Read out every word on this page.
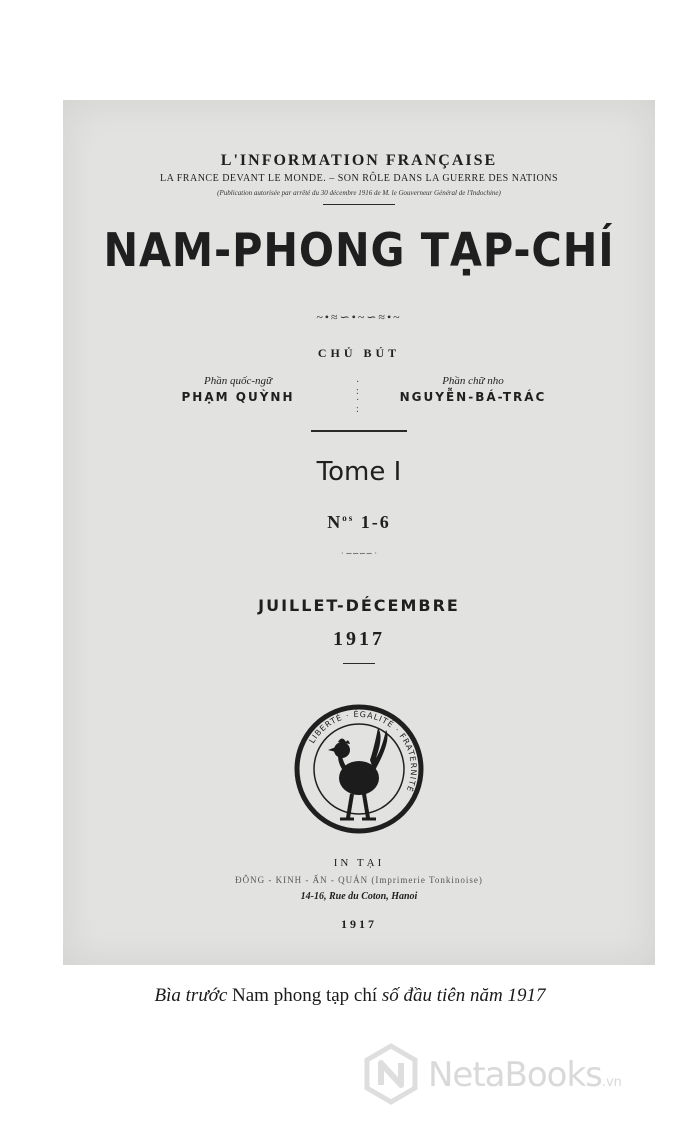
L'INFORMATION FRANÇAISE
LA FRANCE DEVANT LE MONDE. – SON RÔLE DANS LA GUERRE DES NATIONS
(Publication autorisée par arrêté du 30 décembre 1916 de M. le Gouverneur Général de l'Indochine)
NAM-PHONG TẠP-CHÍ
~•≈∽•~∽≈•~
CHỦ BÚT
Phần quốc-ngữ
PHẠM QUỲNH
·
:
·
:
Phần chữ nho
NGUYỄN-BÁ-TRÁC
Tome I
$N^{os}$ 1-6
· ∽∽∽∽ ·
JUILLET-DÉCEMBRE
1917
LIBERTÉ · ÉGALITÉ · FRATERNITÉ
IN TẠI
ĐÔNG - KINH - ẤN - QUÁN (Imprimerie Tonkinoise)
14-16, Rue du Coton, Hanoi
1917
Bìa trước Nam phong tạp chí số đầu tiên năm 1917
NetaBooks.vn
